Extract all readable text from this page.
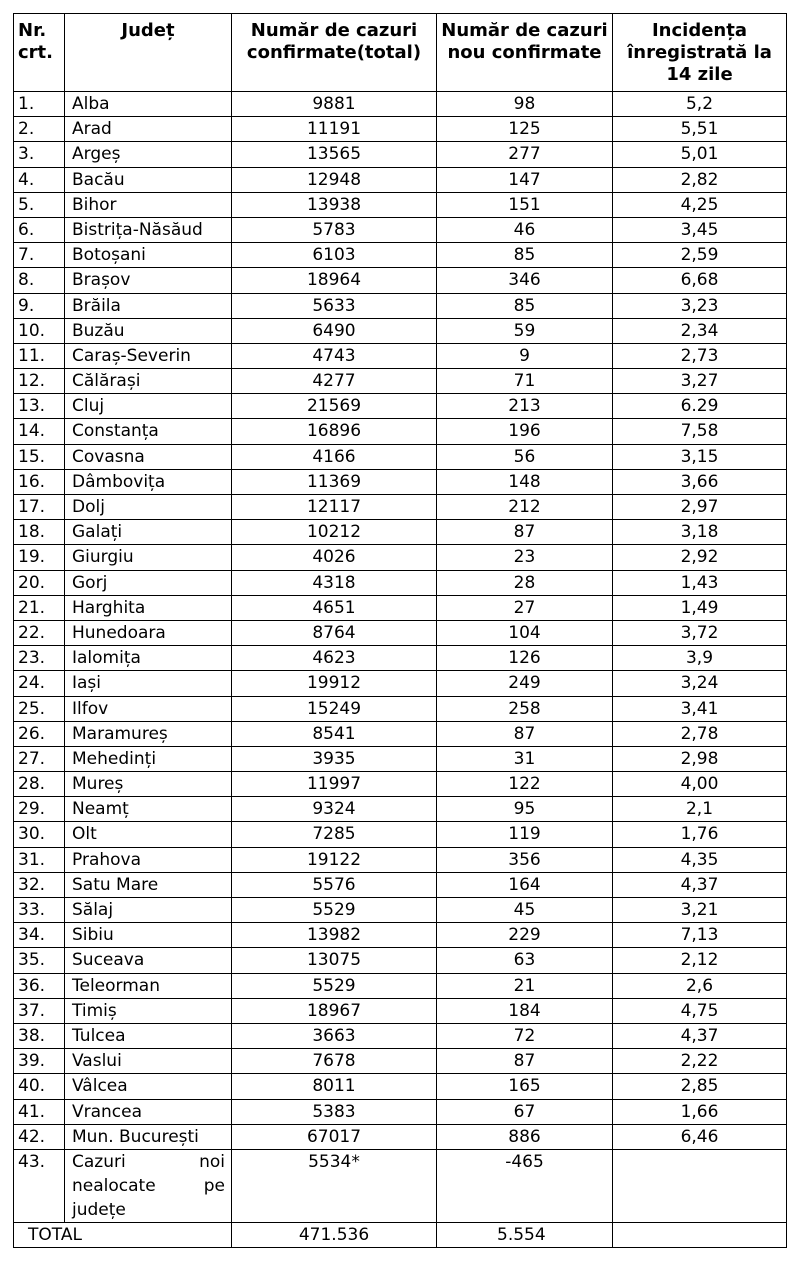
Nr. crt.	Județ	Număr de cazuri confirmate(total)	Număr de cazuri nou confirmate	Incidența înregistrată la 14 zile
1.	Alba	9881	98	5,2
2.	Arad	11191	125	5,51
3.	Argeș	13565	277	5,01
4.	Bacău	12948	147	2,82
5.	Bihor	13938	151	4,25
6.	Bistrița-Năsăud	5783	46	3,45
7.	Botoșani	6103	85	2,59
8.	Brașov	18964	346	6,68
9.	Brăila	5633	85	3,23
10.	Buzău	6490	59	2,34
11.	Caraș-Severin	4743	9	2,73
12.	Călărași	4277	71	3,27
13.	Cluj	21569	213	6.29
14.	Constanța	16896	196	7,58
15.	Covasna	4166	56	3,15
16.	Dâmbovița	11369	148	3,66
17.	Dolj	12117	212	2,97
18.	Galați	10212	87	3,18
19.	Giurgiu	4026	23	2,92
20.	Gorj	4318	28	1,43
21.	Harghita	4651	27	1,49
22.	Hunedoara	8764	104	3,72
23.	Ialomița	4623	126	3,9
24.	Iași	19912	249	3,24
25.	Ilfov	15249	258	3,41
26.	Maramureș	8541	87	2,78
27.	Mehedinți	3935	31	2,98
28.	Mureș	11997	122	4,00
29.	Neamț	9324	95	2,1
30.	Olt	7285	119	1,76
31.	Prahova	19122	356	4,35
32.	Satu Mare	5576	164	4,37
33.	Sălaj	5529	45	3,21
34.	Sibiu	13982	229	7,13
35.	Suceava	13075	63	2,12
36.	Teleorman	5529	21	2,6
37.	Timiș	18967	184	4,75
38.	Tulcea	3663	72	4,37
39.	Vaslui	7678	87	2,22
40.	Vâlcea	8011	165	2,85
41.	Vrancea	5383	67	1,66
42.	Mun. București	67017	886	6,46
43.	Cazuri noi
nealocate pe
județe	5534*	-465	
TOTAL		471.536	5.554	
